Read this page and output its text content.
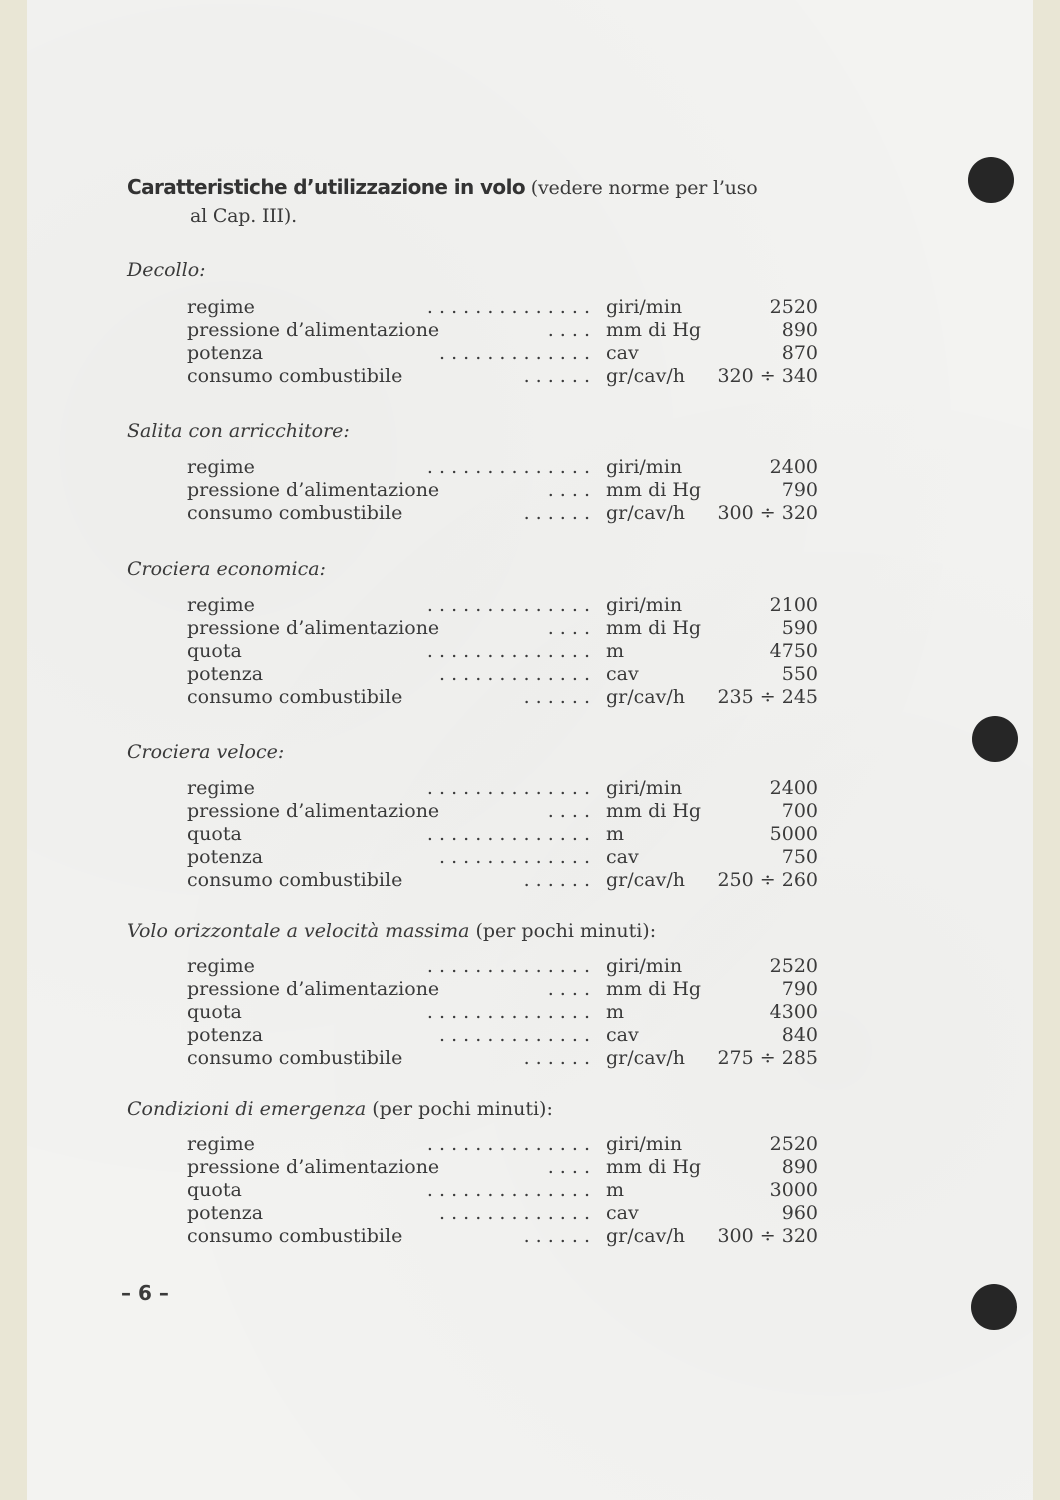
Caratteristiche d’utilizzazione in volo (vedere norme per l’uso
al Cap. III).
Decollo:
regime	. . . . . . . . . . . . . . giri/min	2520
pressione d’alimentazione	. . . . mm di Hg	890
potenza	. . . . . . . . . . . . . cav	870
consumo combustibile	. . . . . . gr/cav/h 320 ÷ 340
Salita con arricchitore:
regime	. . . . . . . . . . . . . . giri/min	2400
pressione d’alimentazione	. . . . mm di Hg	790
consumo combustibile	. . . . . . gr/cav/h 300 ÷ 320
Crociera economica:
regime	. . . . . . . . . . . . . . giri/min	2100
pressione d’alimentazione	. . . . mm di Hg	590
quota	. . . . . . . . . . . . . . m	4750
potenza	. . . . . . . . . . . . . cav	550
consumo combustibile	. . . . . . gr/cav/h 235 ÷ 245
Crociera veloce:
regime	. . . . . . . . . . . . . . giri/min	2400
pressione d’alimentazione	. . . . mm di Hg	700
quota	. . . . . . . . . . . . . . m	5000
potenza	. . . . . . . . . . . . . cav	750
consumo combustibile	. . . . . . gr/cav/h 250 ÷ 260
Volo orizzontale a velocità massima (per pochi minuti):
regime	. . . . . . . . . . . . . . giri/min	2520
pressione d’alimentazione	. . . . mm di Hg	790
quota	. . . . . . . . . . . . . . m	4300
potenza	. . . . . . . . . . . . . cav	840
consumo combustibile	. . . . . . gr/cav/h 275 ÷ 285
Condizioni di emergenza (per pochi minuti):
regime	. . . . . . . . . . . . . . giri/min	2520
pressione d’alimentazione	. . . . mm di Hg	890
quota	. . . . . . . . . . . . . . m	3000
potenza	. . . . . . . . . . . . . cav	960
consumo combustibile	. . . . . . gr/cav/h 300 ÷ 320
– 6 –
